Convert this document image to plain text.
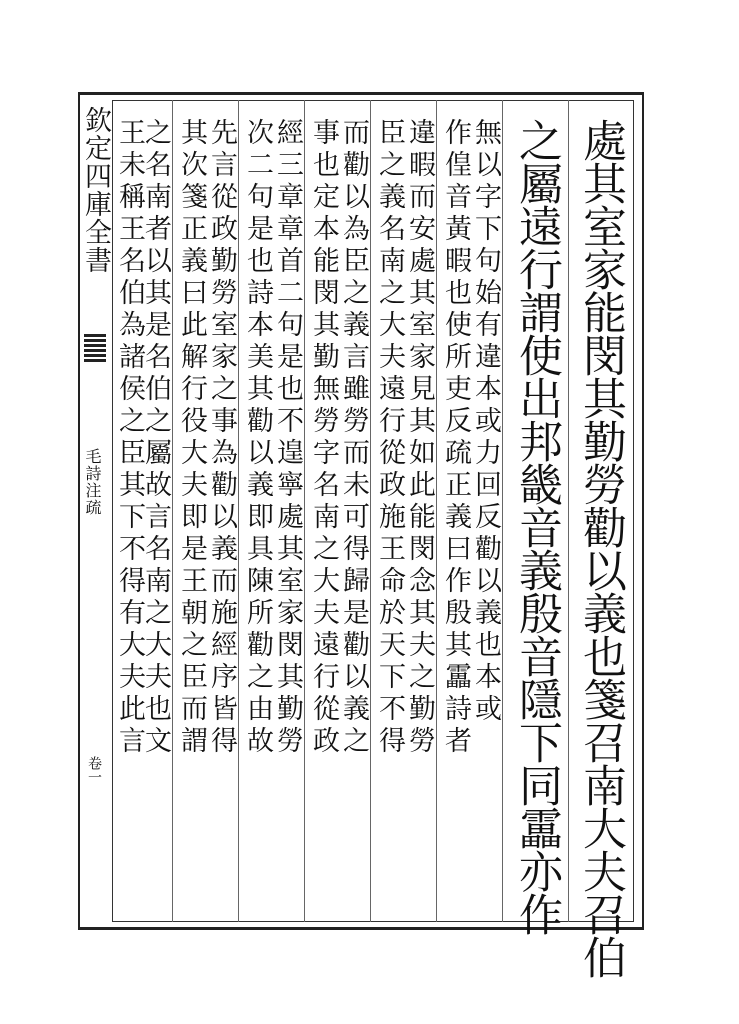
欽定四庫全書
毛詩注疏
卷一	處其室家能閔其勤勞勸以義也箋召南大夫召伯
之屬遠行謂使出邦畿音義殷音隱下同靁亦作
無以字下句始有違本或力回反勸以義也本或
作偟音黃暇也使所吏反疏正義曰作殷其靁詩者
違暇而安處其室家見其如此能閔念其夫之勤勞
臣之義名南之大夫遠行從政施王命於天下不得
而勸以為臣之義言雖勞而未可得歸是勸以義之
事也定本能閔其勤無勞字名南之大夫遠行從政
經三章章首二句是也不遑寧處其室家閔其勤勞
次二句是也詩本美其勸以義即具陳所勸之由故
先言從政勤勞室家之事為勸以義而施經序皆得
其次箋正義曰此解行役大夫即是王朝之臣而謂
之名南者以其是名伯之屬故言名南之大夫也文
王未稱王名伯為諸侯之臣其下不得有大夫此言
